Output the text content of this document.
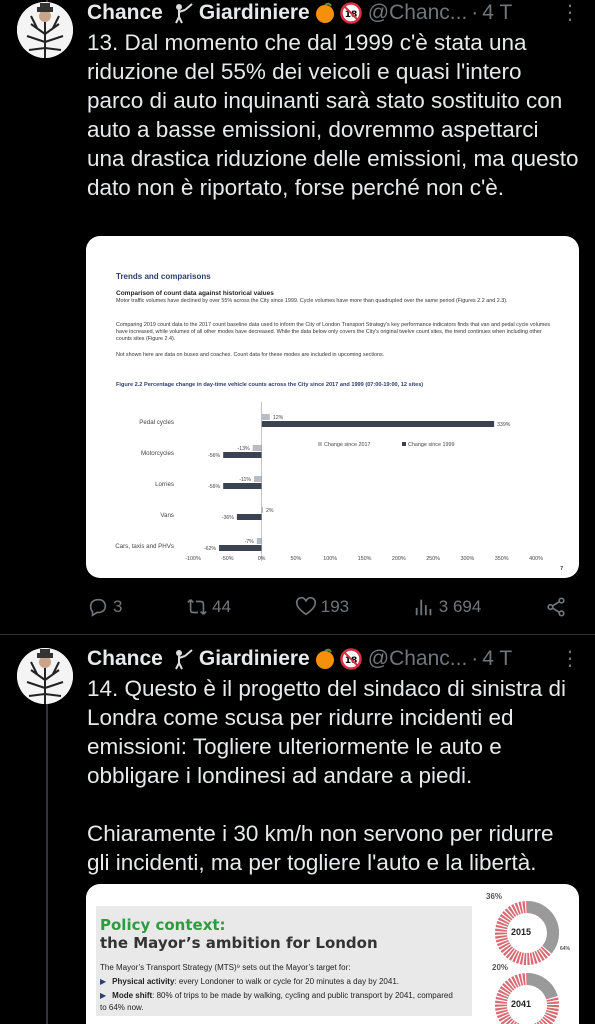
Chance Giardiniere	18 @Chanc... · 4 T ⋮
13. Dal momento che dal 1999 c'è stata una riduzione del 55% dei veicoli e quasi l'intero parco di auto inquinanti sarà stato sostituito con auto a basse emissioni, dovremmo aspettarci una drastica riduzione delle emissioni, ma questo dato non è riportato, forse perché non c'è.
Trends and comparisons
Comparison of count data against historical values
Motor traffic volumes have declined by over 55% across the City since 1999. Cycle volumes have more than quadrupled over the same period (Figures 2.2 and 2.3).
Comparing 2019 count data to the 2017 count baseline data used to inform the City of London Transport Strategy's key performance indicators finds that van and pedal cycle volumes have increased, while volumes of all other modes have decreased. While the data below only covers the City's original twelve count sites, the trend continues when including other counts sites (Figure 2.4).
Not shown here are data on buses and coaches. Count data for these modes are included in upcoming sections.
Figure 2.2 Percentage change in day-time vehicle counts across the City since 2017 and 1999 (07:00-19:00, 12 sites)
Pedal cycles
12%
339%
Motorcycles
-13%
-56%
Lorries
-11%
-56%
Vans
2%
-36%
Cars, taxis and PHVs
-7%
-62%
-100%	-50%	0%	50%	100%	150%	200%	250%	300%	350%	400%
Change since 2017	Change since 1999
7
3	44	193	3 694
Chance Giardiniere	18 @Chanc... · 4 T ⋮
14. Questo è il progetto del sindaco di sinistra di Londra come scusa per ridurre incidenti ed emissioni: Togliere ulteriormente le auto e obbligare i londinesi ad andare a piedi.

Chiaramente i 30 km/h non servono per ridurre gli incidenti, ma per togliere l'auto e la libertà.
Policy context:
the Mayor’s ambition for London
The Mayor’s Transport Strategy (MTS)⁹ sets out the Mayor’s target for:
▶ Physical activity: every Londoner to walk or cycle for 20 minutes a day by 2041.
▶ Mode shift: 80% of trips to be made by walking, cycling and public transport by 2041, compared to 64% now.
36%
2015
64%
20%
2041
